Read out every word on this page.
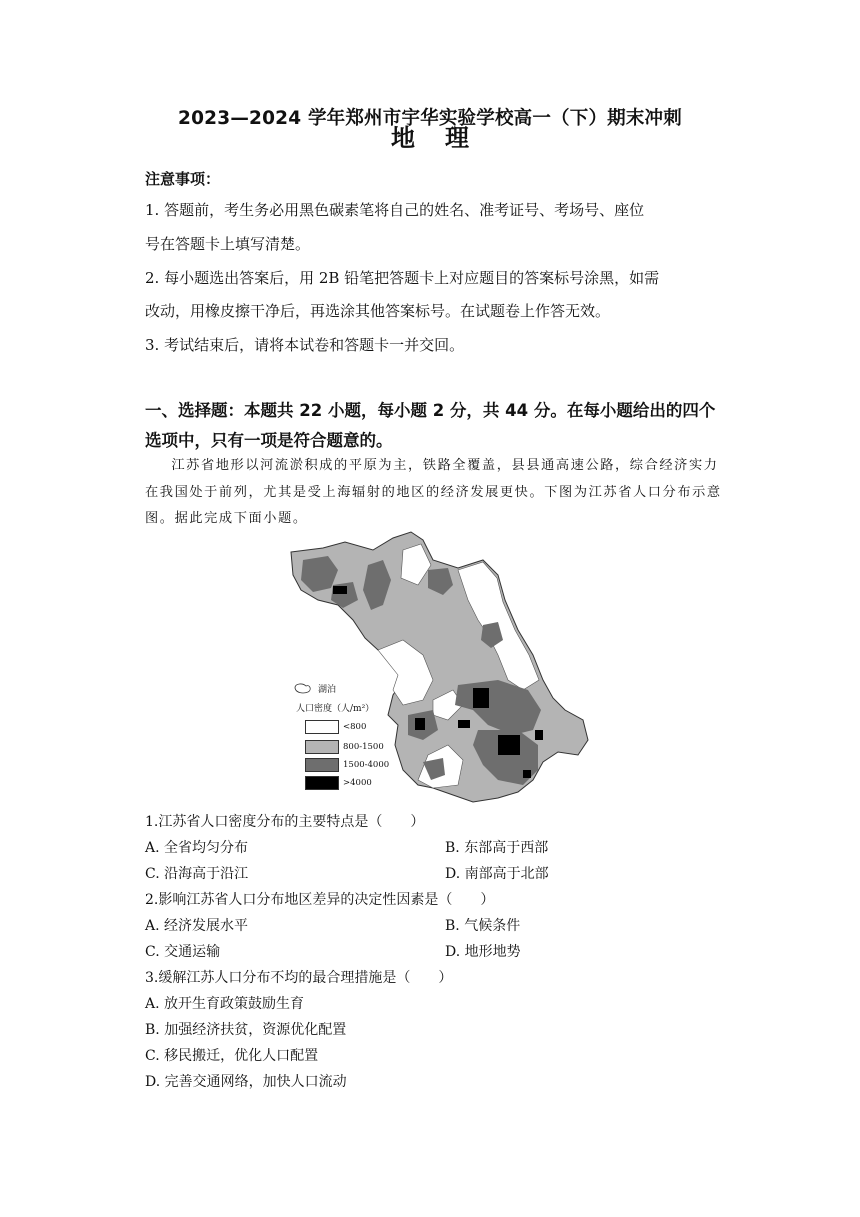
2023—2024 学年郑州市宇华实验学校高一（下）期末冲刺
地理
注意事项：
1. 答题前，考生务必用黑色碳素笔将自己的姓名、准考证号、考场号、座位
号在答题卡上填写清楚。
2. 每小题选出答案后，用 2B 铅笔把答题卡上对应题目的答案标号涂黑，如需
改动，用橡皮擦干净后，再选涂其他答案标号。在试题卷上作答无效。
3. 考试结束后，请将本试卷和答题卡一并交回。
一、选择题：本题共 22 小题，每小题 2 分，共 44 分。在每小题给出的四个
选项中，只有一项是符合题意的。
江苏省地形以河流淤积成的平原为主，铁路全覆盖，县县通高速公路，综合经济实力在我国处于前列，尤其是受上海辐射的地区的经济发展更快。下图为江苏省人口分布示意图。据此完成下面小题。
湖泊
人口密度（人/m²）
<800
800-1500
1500-4000
>4000
1.江苏省人口密度分布的主要特点是（　　）
A. 全省均匀分布	B. 东部高于西部
C. 沿海高于沿江	D. 南部高于北部
2.影响江苏省人口分布地区差异的决定性因素是（　　）
A. 经济发展水平	B. 气候条件
C. 交通运输	D. 地形地势
3.缓解江苏人口分布不均的最合理措施是（　　）
A. 放开生育政策鼓励生育
B. 加强经济扶贫，资源优化配置
C. 移民搬迁，优化人口配置
D. 完善交通网络，加快人口流动
